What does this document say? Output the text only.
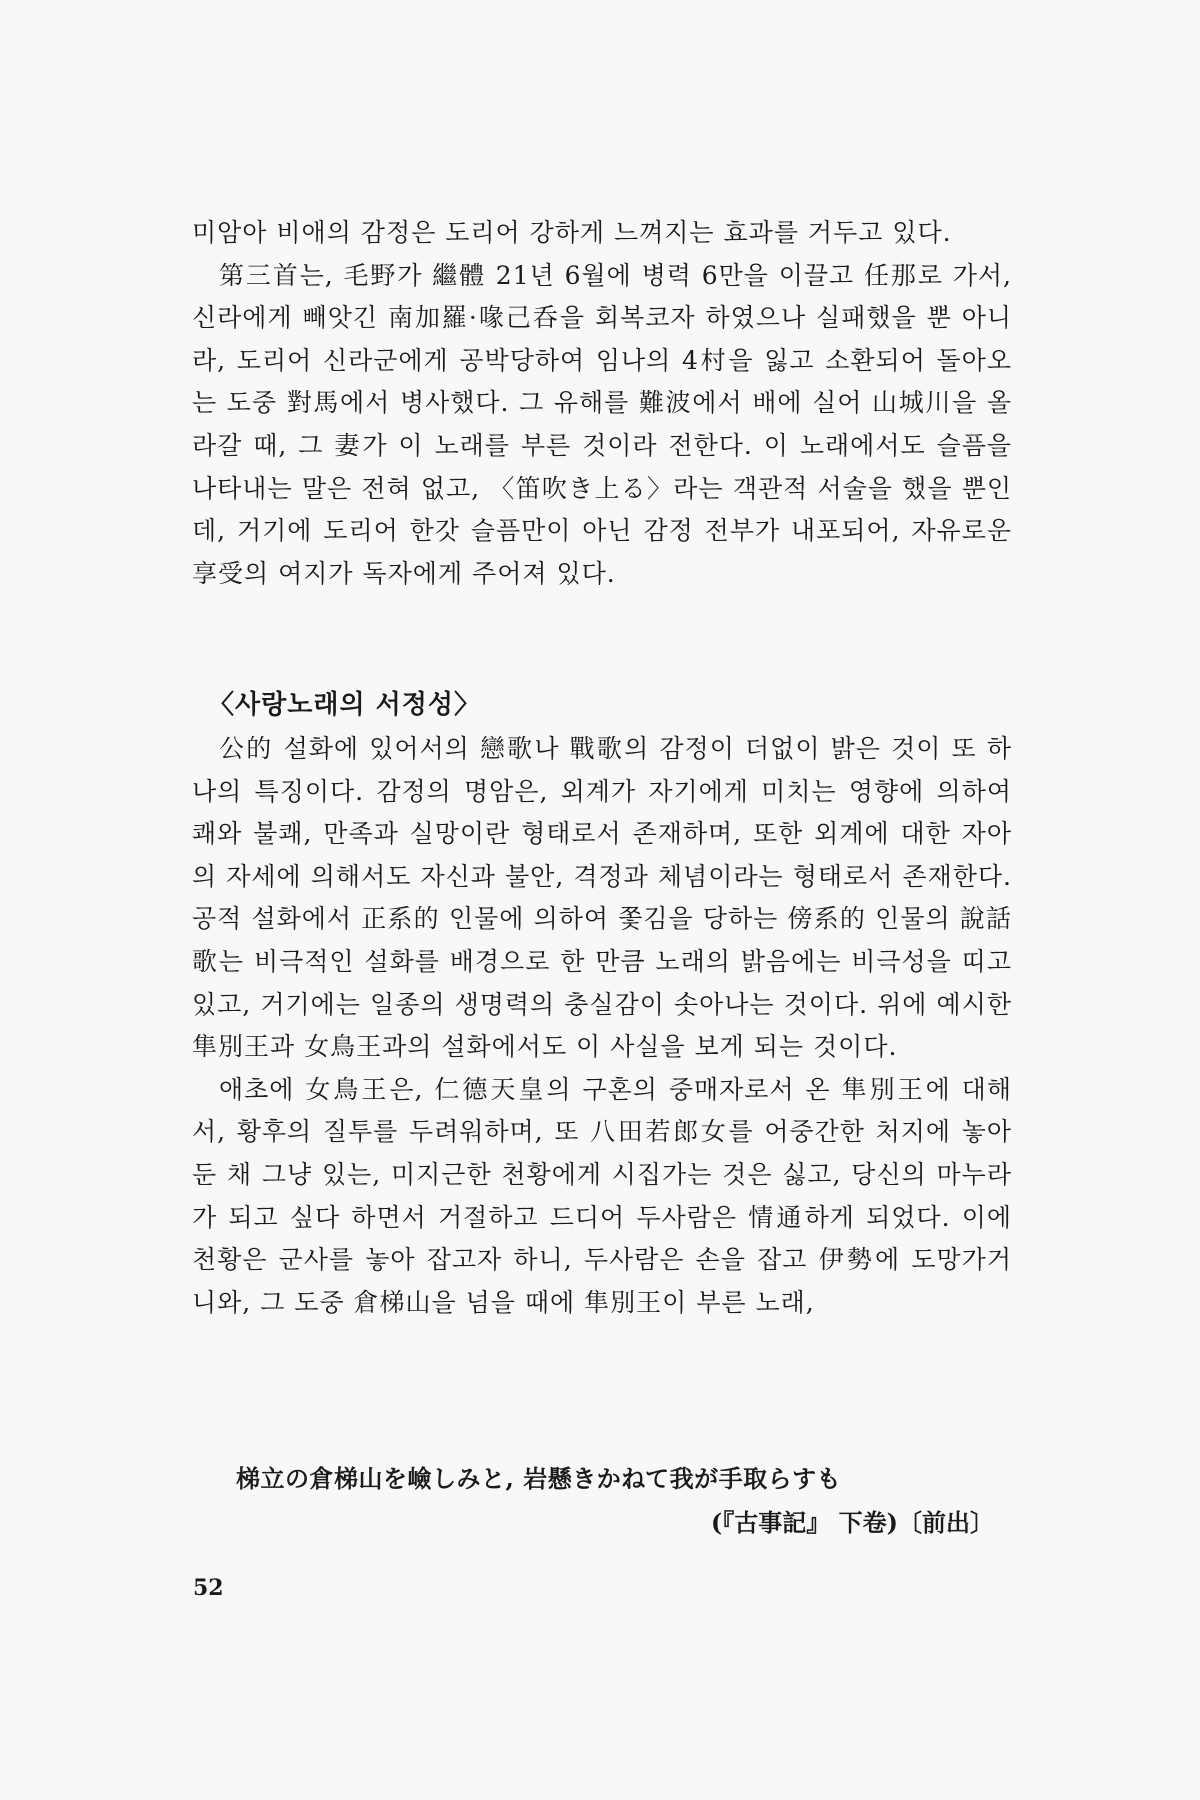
미암아 비애의 감정은 도리어 강하게 느껴지는 효과를 거두고 있다.

第三首는, 毛野가 繼體 21년 6월에 병력 6만을 이끌고 任那로 가서, 신라에게 빼앗긴 南加羅·喙己呑을 회복코자 하였으나 실패했을 뿐 아니라, 도리어 신라군에게 공박당하여 임나의 4村을 잃고 소환되어 돌아오는 도중 對馬에서 병사했다. 그 유해를 難波에서 배에 실어 山城川을 올라갈 때, 그 妻가 이 노래를 부른 것이라 전한다. 이 노래에서도 슬픔을 나타내는 말은 전혀 없고, 〈笛吹き上る〉라는 객관적 서술을 했을 뿐인데, 거기에 도리어 한갓 슬픔만이 아닌 감정 전부가 내포되어, 자유로운 享受의 여지가 독자에게 주어져 있다.

〈사랑노래의 서정성〉

公的 설화에 있어서의 戀歌나 戰歌의 감정이 더없이 밝은 것이 또 하나의 특징이다. 감정의 명암은, 외계가 자기에게 미치는 영향에 의하여 쾌와 불쾌, 만족과 실망이란 형태로서 존재하며, 또한 외계에 대한 자아의 자세에 의해서도 자신과 불안, 격정과 체념이라는 형태로서 존재한다. 공적 설화에서 正系的 인물에 의하여 쫓김을 당하는 傍系的 인물의 說話歌는 비극적인 설화를 배경으로 한 만큼 노래의 밝음에는 비극성을 띠고 있고, 거기에는 일종의 생명력의 충실감이 솟아나는 것이다. 위에 예시한 隼別王과 女鳥王과의 설화에서도 이 사실을 보게 되는 것이다.

애초에 女鳥王은, 仁德天皇의 구혼의 중매자로서 온 隼別王에 대해서, 황후의 질투를 두려워하며, 또 八田若郎女를 어중간한 처지에 놓아둔 채 그냥 있는, 미지근한 천황에게 시집가는 것은 싫고, 당신의 마누라가 되고 싶다 하면서 거절하고 드디어 두사람은 情通하게 되었다. 이에 천황은 군사를 놓아 잡고자 하니, 두사람은 손을 잡고 伊勢에 도망가거니와, 그 도중 倉梯山을 넘을 때에 隼別王이 부른 노래,

梯立の倉梯山を嶮しみと, 岩懸きかねて我が手取らすも

(『古事記』 下卷)〔前出〕

52
